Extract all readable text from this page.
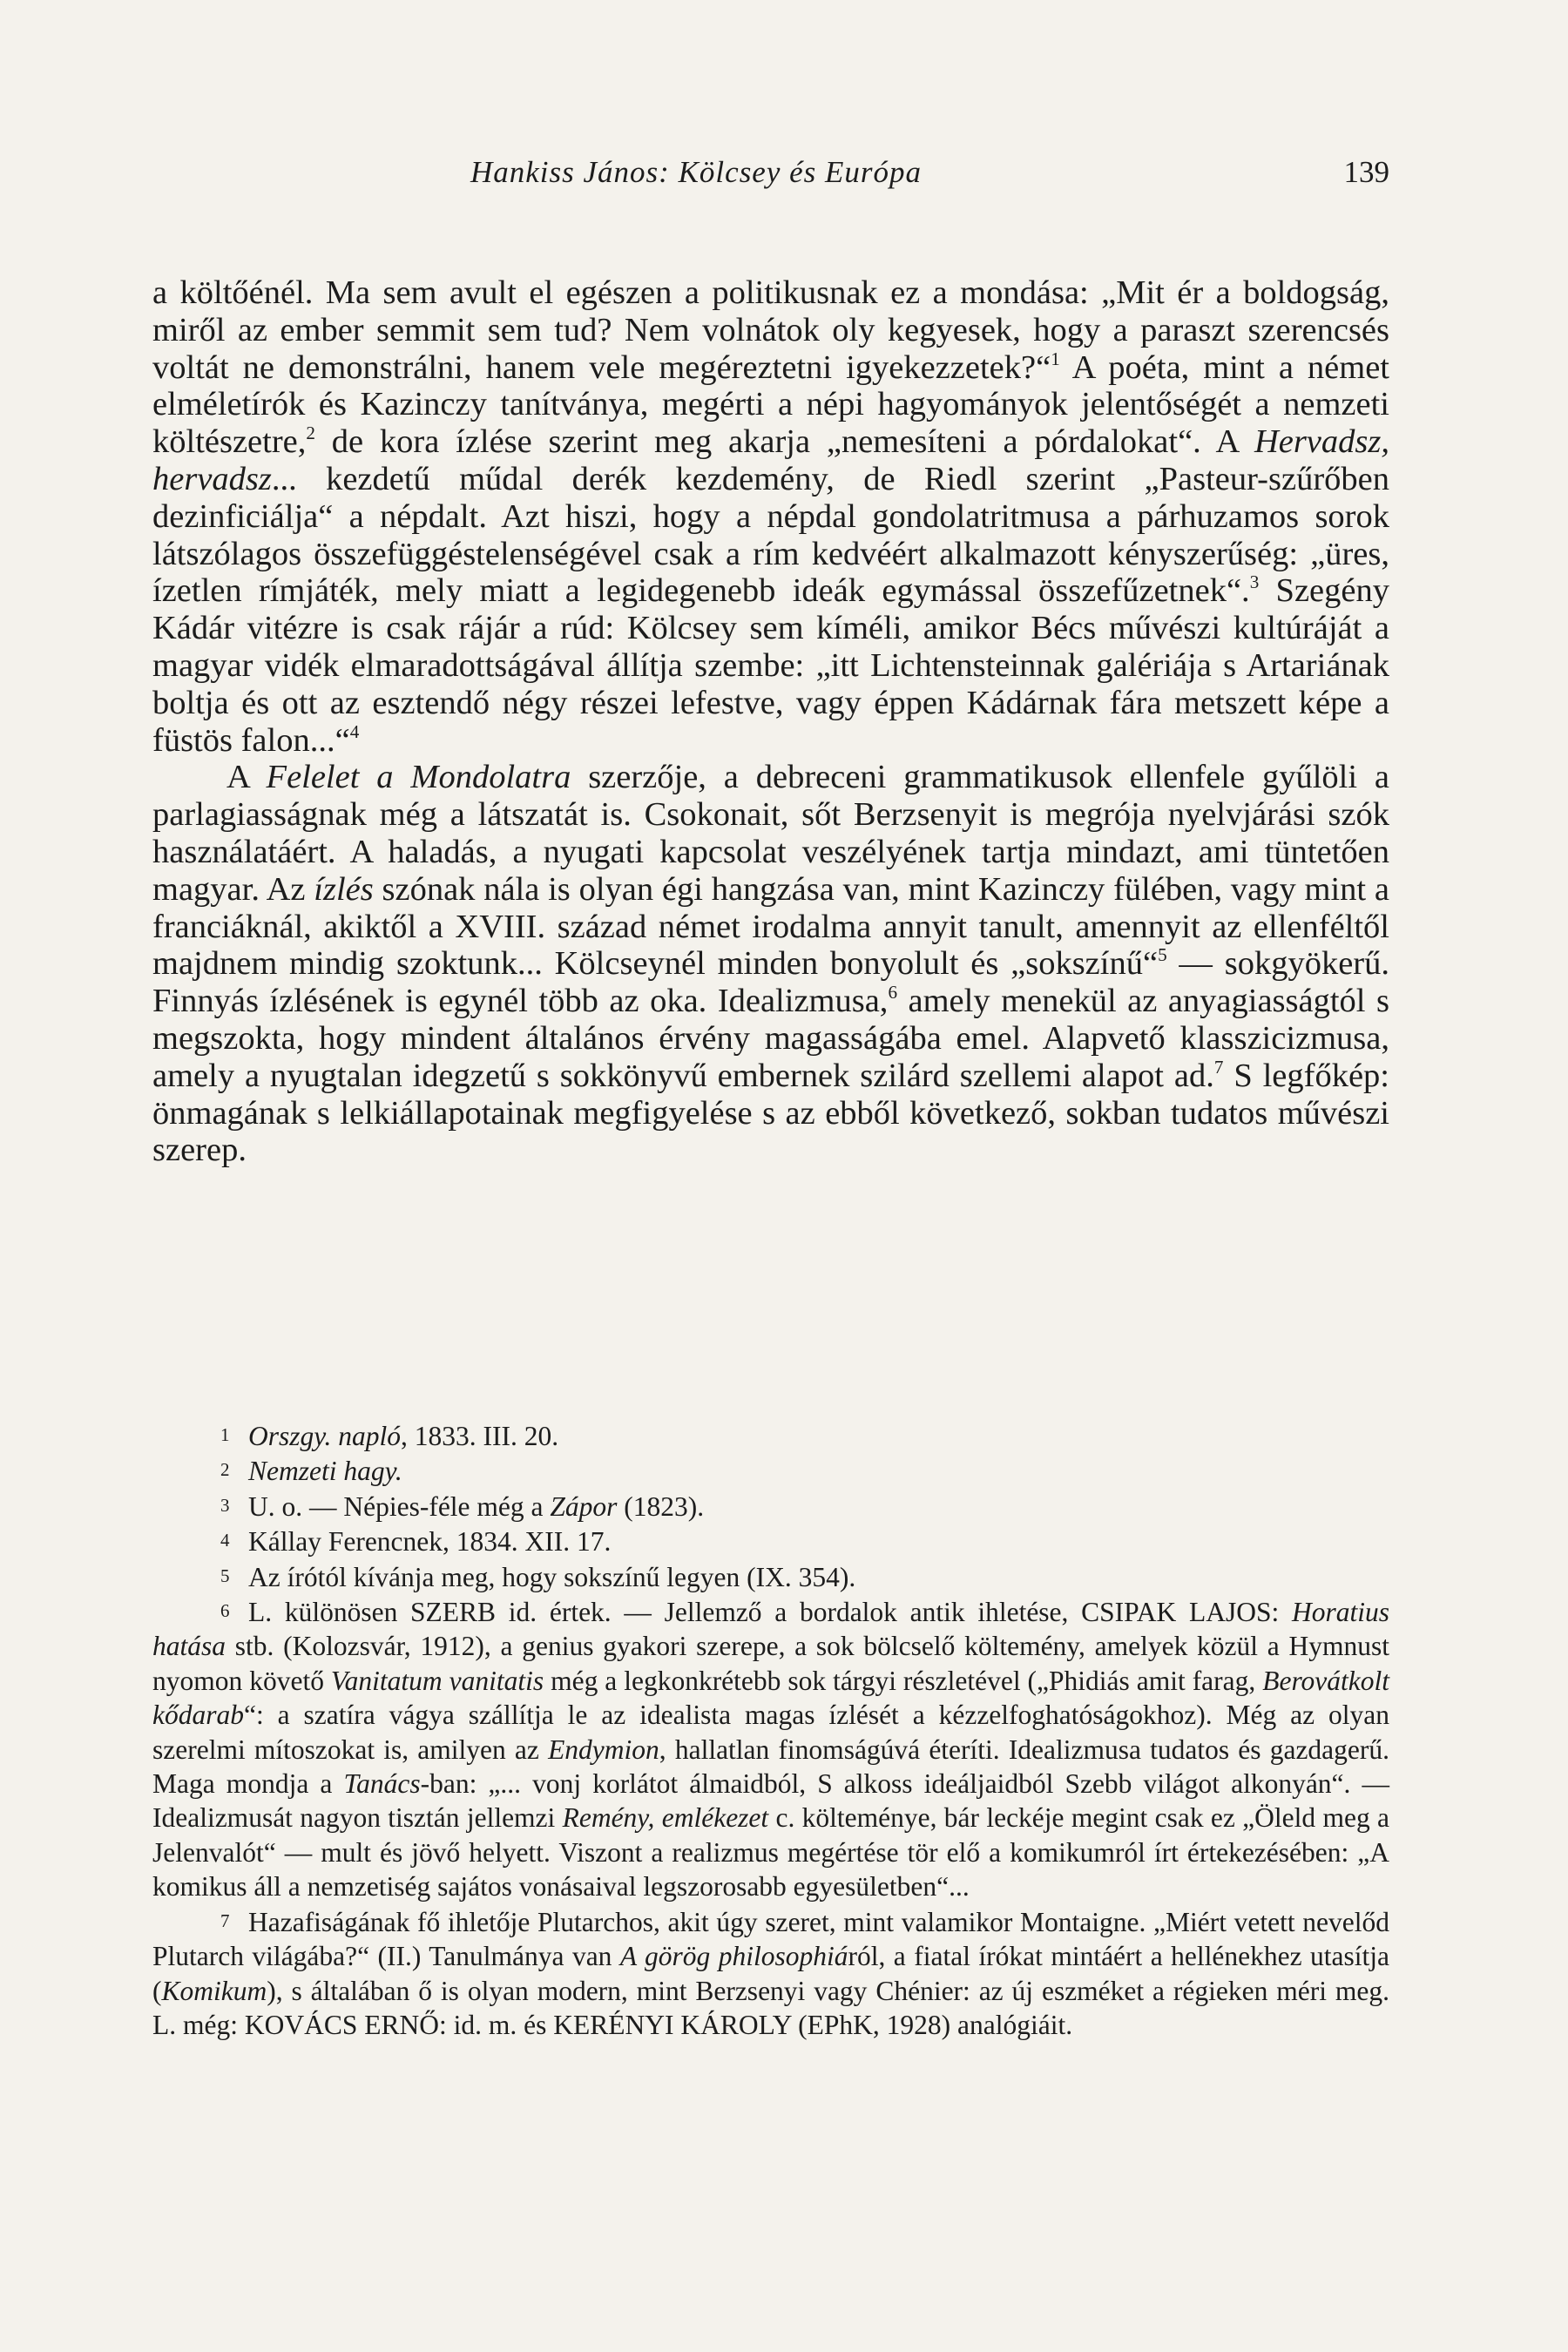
Hankiss János: Kölcsey és Európa	139

a költőénél. Ma sem avult el egészen a politikusnak ez a mondása: „Mit ér a boldogság, miről az ember semmit sem tud? Nem volnátok oly kegyesek, hogy a paraszt szerencsés voltát ne demonstrálni, hanem vele megéreztetni igyekezzetek?“$^1$ A poéta, mint a német elméletírók és Kazinczy tanítványa, megérti a népi hagyományok jelentőségét a nemzeti költészetre,$^2$ de kora ízlése szerint meg akarja „nemesíteni a pórdalokat“. A Hervadsz, hervadsz... kezdetű műdal derék kezdemény, de Riedl szerint „Pasteur-szűrőben dezinficiálja“ a népdalt. Azt hiszi, hogy a népdal gondolatritmusa a párhuzamos sorok látszólagos összefüggéstelenségével csak a rím kedvéért alkalmazott kényszerűség: „üres, ízetlen rímjáték, mely miatt a legidegenebb ideák egymással összefűzetnek“.$^3$ Szegény Kádár vitézre is csak rájár a rúd: Kölcsey sem kíméli, amikor Bécs művészi kultúráját a magyar vidék elmaradottságával állítja szembe: „itt Lichtensteinnak galériája s Artariának boltja és ott az esztendő négy részei lefestve, vagy éppen Kádárnak fára metszett képe a füstös falon...“$^4$

A Felelet a Mondolatra szerzője, a debreceni grammatikusok ellenfele gyűlöli a parlagiasságnak még a látszatát is. Csokonait, sőt Berzsenyit is megrója nyelvjárási szók használatáért. A haladás, a nyugati kapcsolat veszélyének tartja mindazt, ami tüntetően magyar. Az ízlés szónak nála is olyan égi hangzása van, mint Kazinczy fülében, vagy mint a franciáknál, akiktől a XVIII. század német irodalma annyit tanult, amennyit az ellenféltől majdnem mindig szoktunk... Kölcseynél minden bonyolult és „sokszínű“$^5$ — sokgyökerű. Finnyás ízlésének is egynél több az oka. Idealizmusa,$^6$ amely menekül az anyagiasságtól s megszokta, hogy mindent általános érvény magasságába emel. Alapvető klasszicizmusa, amely a nyugtalan idegzetű s sokkönyvű embernek szilárd szellemi alapot ad.$^7$ S legfőkép: önmagának s lelkiállapotainak megfigyelése s az ebből következő, sokban tudatos művészi szerep.

1 Orszgy. napló, 1833. III. 20.

2 Nemzeti hagy.

3 U. o. — Népies-féle még a Zápor (1823).

4 Kállay Ferencnek, 1834. XII. 17.

5 Az írótól kívánja meg, hogy sokszínű legyen (IX. 354).

6 L. különösen SZERB id. értek. — Jellemző a bordalok antik ihletése, CSIPAK LAJOS: Horatius hatása stb. (Kolozsvár, 1912), a genius gyakori szerepe, a sok bölcselő költemény, amelyek közül a Hymnust nyomon követő Vanitatum vanitatis még a legkonkrétebb sok tárgyi részletével („Phidiás amit farag, Berovátkolt kődarab“: a szatíra vágya szállítja le az idealista magas ízlését a kézzelfoghatóságokhoz). Még az olyan szerelmi mítoszokat is, amilyen az Endymion, hallatlan finomságúvá éteríti. Idealizmusa tudatos és gazdagerű. Maga mondja a Tanács-ban: „... vonj korlátot álmaidból, S alkoss ideáljaidból Szebb világot alkonyán“. — Idealizmusát nagyon tisztán jellemzi Remény, emlékezet c. költeménye, bár leckéje megint csak ez „Öleld meg a Jelenvalót“ — mult és jövő helyett. Viszont a realizmus megértése tör elő a komikumról írt értekezésében: „A komikus áll a nemzetiség sajátos vonásaival legszorosabb egyesületben“...

7 Hazafiságának fő ihletője Plutarchos, akit úgy szeret, mint valamikor Montaigne. „Miért vetett nevelőd Plutarch világába?“ (II.) Tanulmánya van A görög philosophiáról, a fiatal írókat mintáért a hellénekhez utasítja (Komikum), s általában ő is olyan modern, mint Berzsenyi vagy Chénier: az új eszméket a régieken méri meg. L. még: KOVÁCS ERNŐ: id. m. és KERÉNYI KÁROLY (EPhK, 1928) analógiáit.
